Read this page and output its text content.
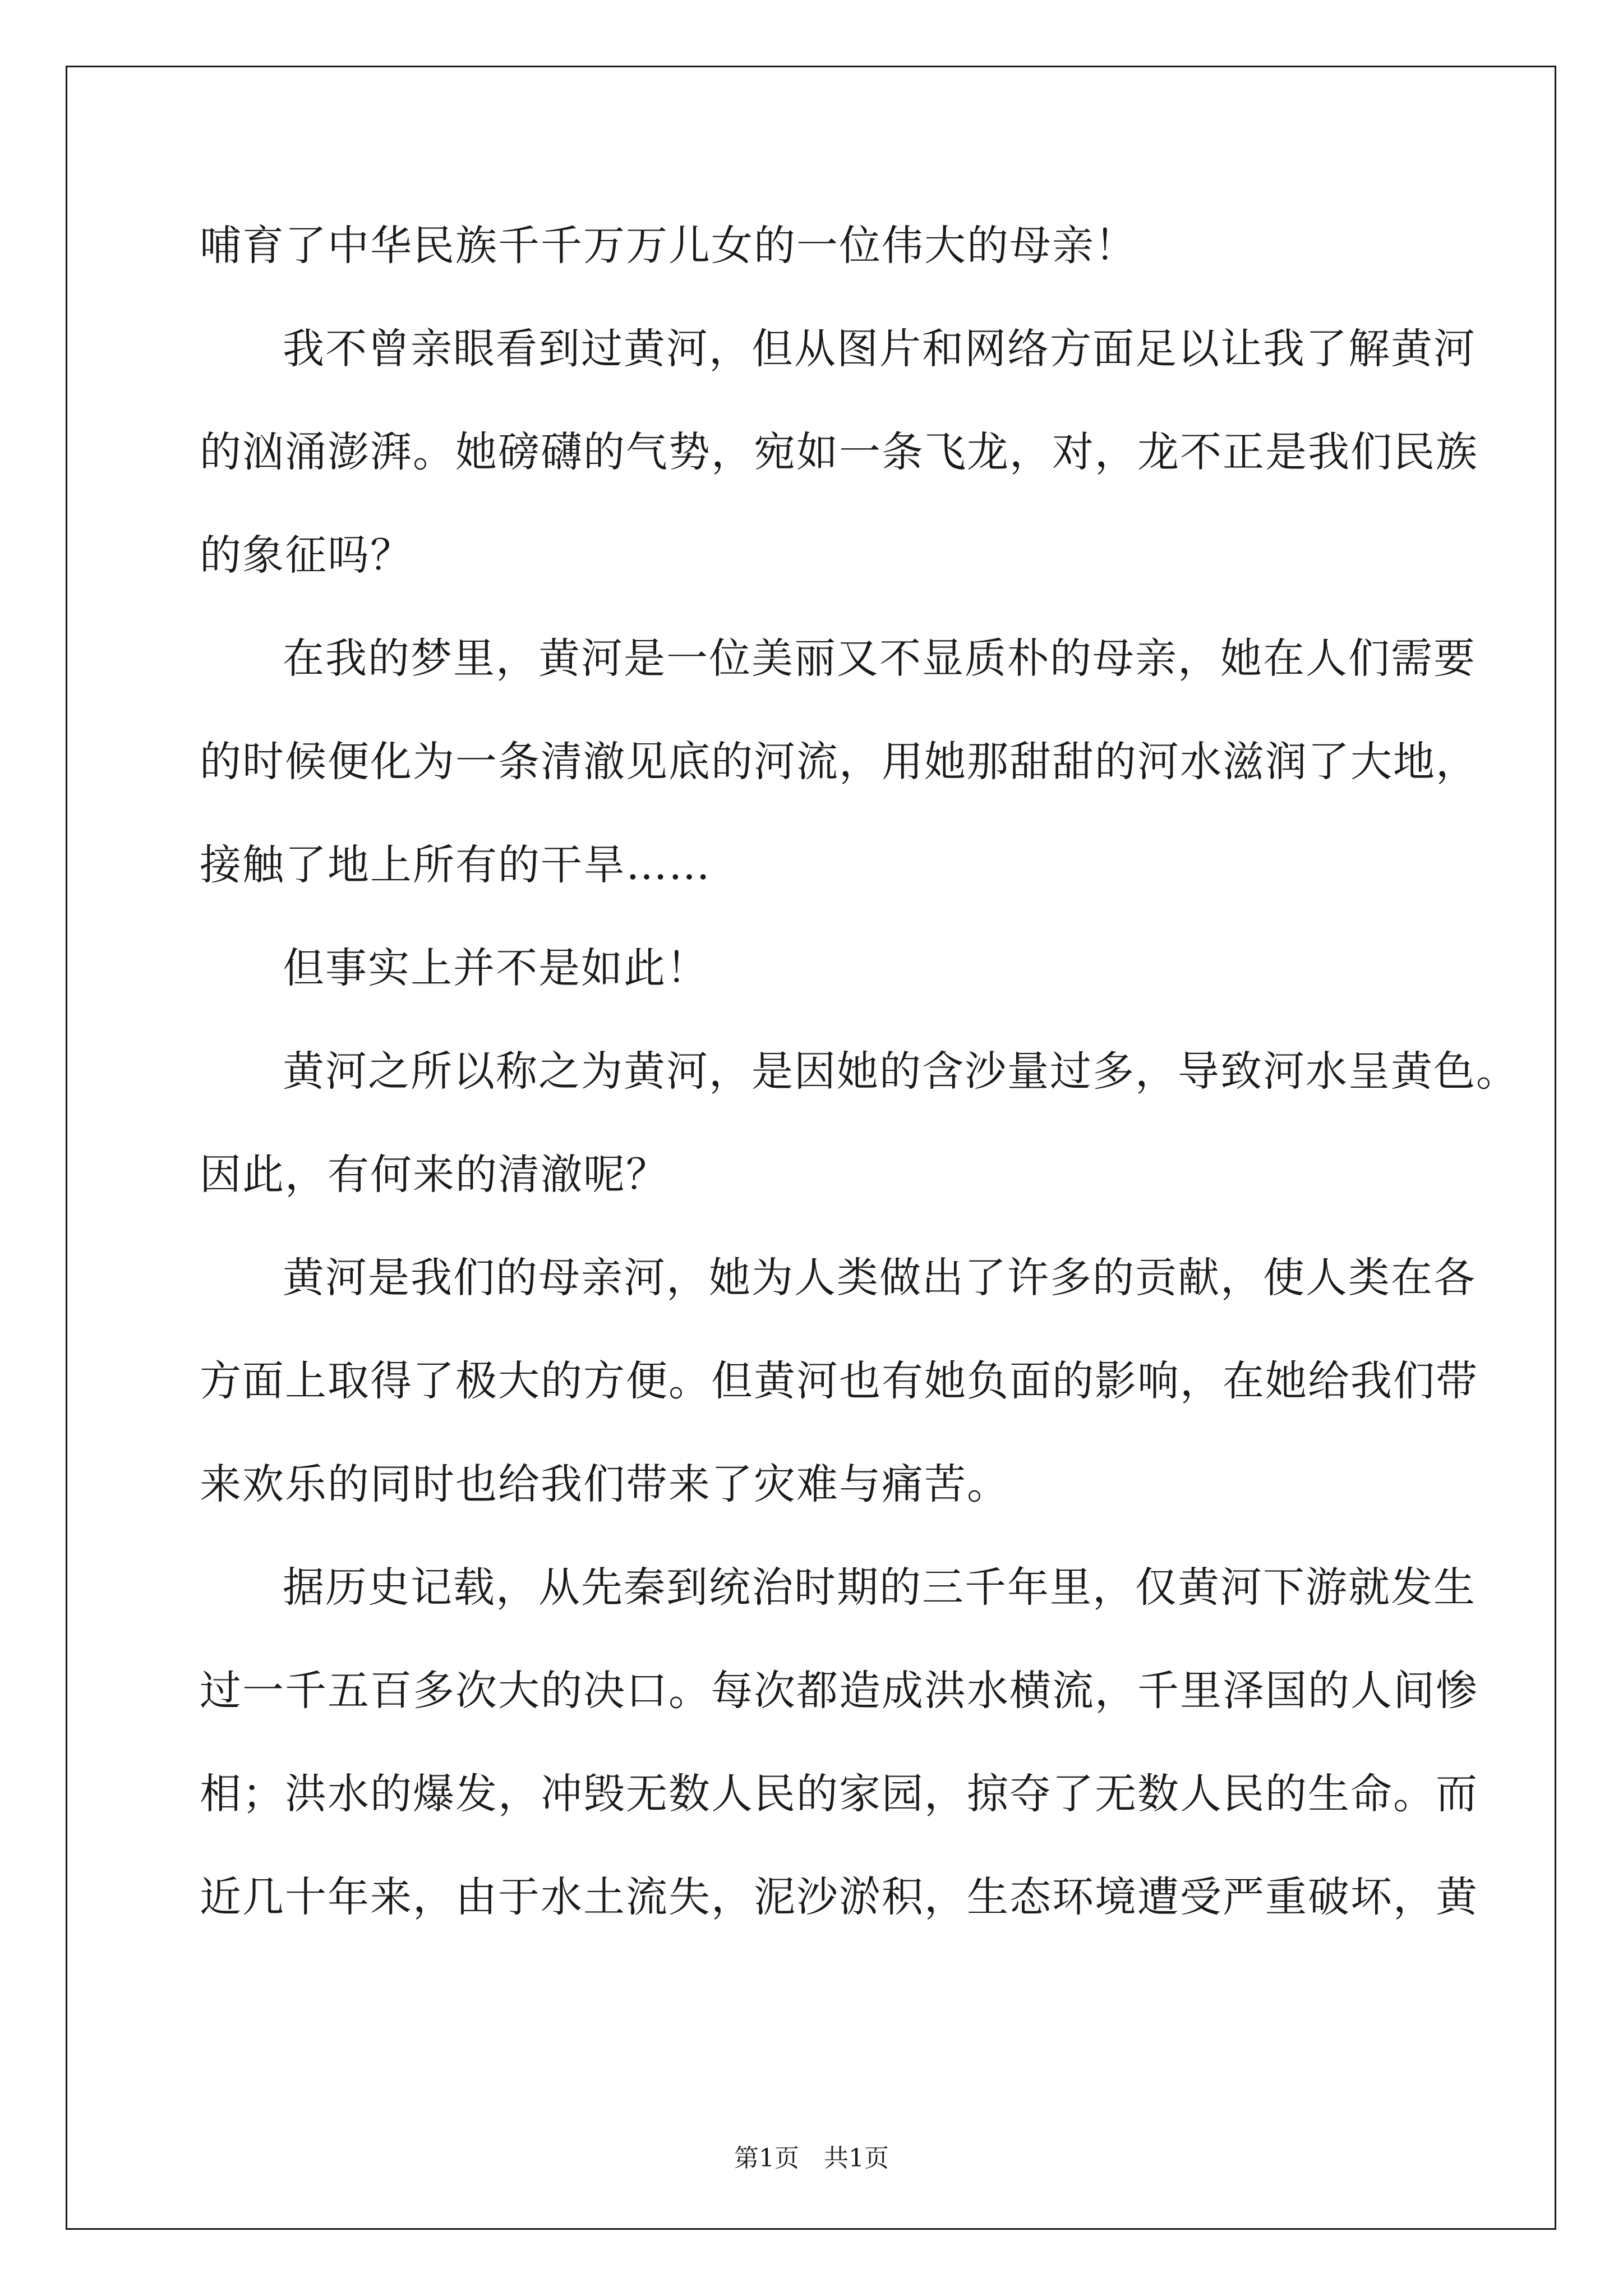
哺育了中华民族千千万万儿女的一位伟大的母亲！
我不曾亲眼看到过黄河，但从图片和网络方面足以让我了解黄河
的汹涌澎湃。她磅礴的气势，宛如一条飞龙，对，龙不正是我们民族
的象征吗？
在我的梦里，黄河是一位美丽又不显质朴的母亲，她在人们需要
的时候便化为一条清澈见底的河流，用她那甜甜的河水滋润了大地，
接触了地上所有的干旱……
但事实上并不是如此！
黄河之所以称之为黄河，是因她的含沙量过多，导致河水呈黄色。
因此，有何来的清澈呢？
黄河是我们的母亲河，她为人类做出了许多的贡献，使人类在各
方面上取得了极大的方便。但黄河也有她负面的影响，在她给我们带
来欢乐的同时也给我们带来了灾难与痛苦。
据历史记载，从先秦到统治时期的三千年里，仅黄河下游就发生
过一千五百多次大的决口。每次都造成洪水横流，千里泽国的人间惨
相；洪水的爆发，冲毁无数人民的家园，掠夺了无数人民的生命。而
近几十年来，由于水土流失，泥沙淤积，生态环境遭受严重破坏，黄
第1页 共1页
